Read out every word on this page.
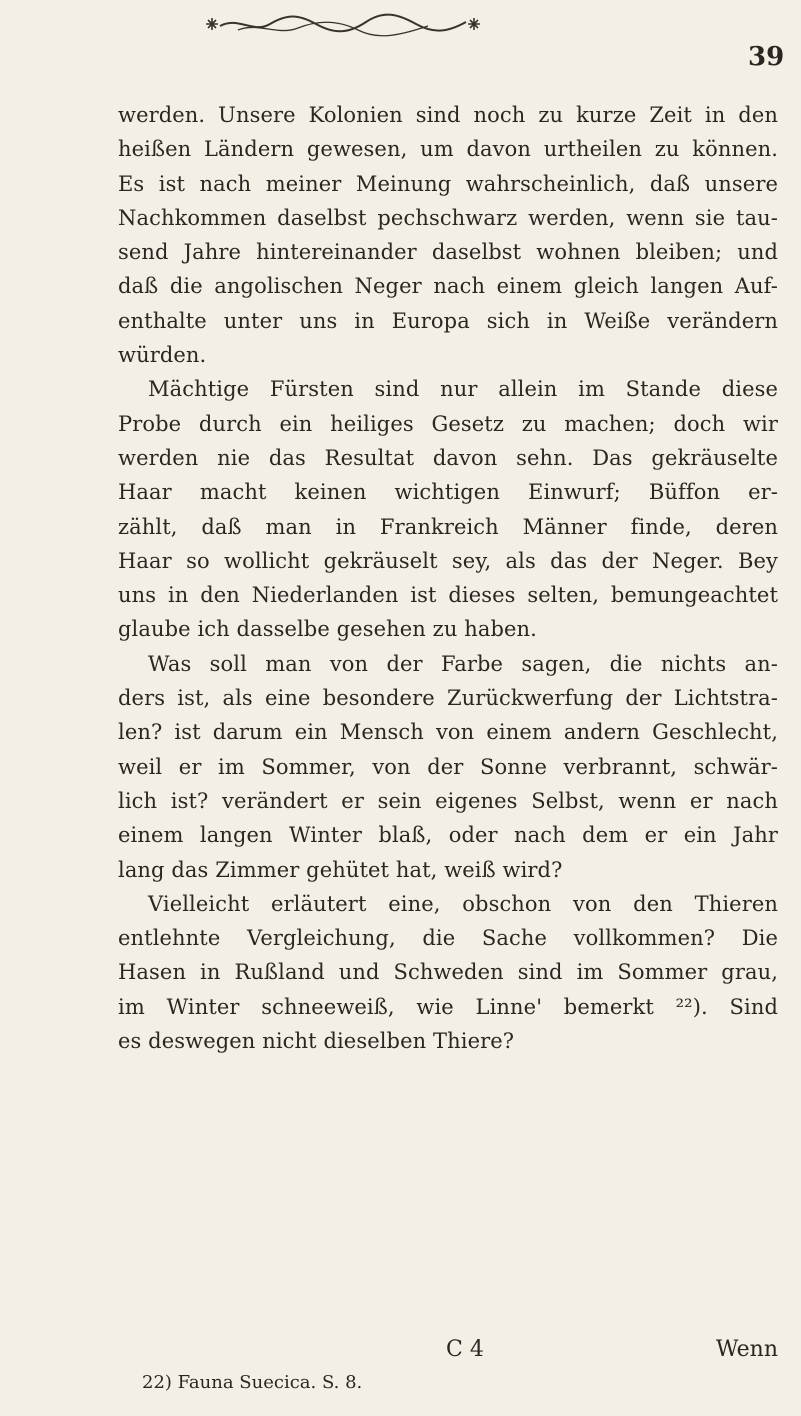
39
werden. Unsere Kolonien sind noch zu kurze Zeit in den
heißen Ländern gewesen, um davon urtheilen zu können.
Es ist nach meiner Meinung wahrscheinlich, daß unsere
Nachkommen daselbst pechschwarz werden, wenn sie tau-
send Jahre hintereinander daselbst wohnen bleiben; und
daß die angolischen Neger nach einem gleich langen Auf-
enthalte unter uns in Europa sich in Weiße verändern
würden.
Mächtige Fürsten sind nur allein im Stande diese
Probe durch ein heiliges Gesetz zu machen; doch wir
werden nie das Resultat davon sehn. Das gekräuselte
Haar macht keinen wichtigen Einwurf; Büffon er-
zählt, daß man in Frankreich Männer finde, deren
Haar so wollicht gekräuselt sey, als das der Neger. Bey
uns in den Niederlanden ist dieses selten, bemungeachtet
glaube ich dasselbe gesehen zu haben.
Was soll man von der Farbe sagen, die nichts an-
ders ist, als eine besondere Zurückwerfung der Lichtstra-
len? ist darum ein Mensch von einem andern Geschlecht,
weil er im Sommer, von der Sonne verbrannt, schwär-
lich ist? verändert er sein eigenes Selbst, wenn er nach
einem langen Winter blaß, oder nach dem er ein Jahr
lang das Zimmer gehütet hat, weiß wird?
Vielleicht erläutert eine, obschon von den Thieren
entlehnte Vergleichung, die Sache vollkommen? Die
Hasen in Rußland und Schweden sind im Sommer grau,
im Winter schneeweiß, wie Linne' bemerkt ²²). Sind
es deswegen nicht dieselben Thiere?
C 4	Wenn
22) Fauna Suecica. S. 8.
